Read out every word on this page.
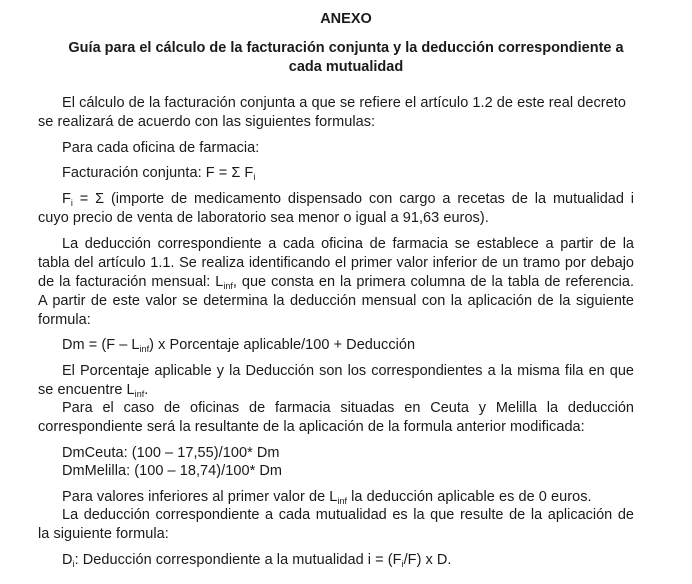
ANEXO

Guía para el cálculo de la facturación conjunta y la deducción correspondiente a

cada mutualidad

El cálculo de la facturación conjunta a que se refiere el artículo 1.2 de este real decreto

se realizará de acuerdo con las siguientes formulas:

Para cada oficina de farmacia:

Facturación conjunta: F = Σ $F_i$

$F_i = \Sigma$ (importe de medicamento dispensado con cargo a recetas de la mutualidad i

cuyo precio de venta de laboratorio sea menor o igual a 91,63 euros).

La deducción correspondiente a cada oficina de farmacia se establece a partir de la

tabla del artículo 1.1. Se realiza identificando el primer valor inferior de un tramo por debajo

de la facturación mensual: $L_{inf}$, que consta en la primera columna de la tabla de referencia.

A partir de este valor se determina la deducción mensual con la aplicación de la siguiente

formula:

$Dm = (F - L_{inf})$ x Porcentaje aplicable/100 + Deducción

El Porcentaje aplicable y la Deducción son los correspondientes a la misma fila en que

se encuentre $L_{inf}$.

Para el caso de oficinas de farmacia situadas en Ceuta y Melilla la deducción

correspondiente será la resultante de la aplicación de la formula anterior modificada:

DmCeuta: (100 – 17,55)/100* Dm

DmMelilla: (100 – 18,74)/100* Dm

Para valores inferiores al primer valor de $L_{inf}$ la deducción aplicable es de 0 euros.

La deducción correspondiente a cada mutualidad es la que resulte de la aplicación de

la siguiente formula:

$D_i$: Deducción correspondiente a la mutualidad $i = (F_i/F)$ x D.
